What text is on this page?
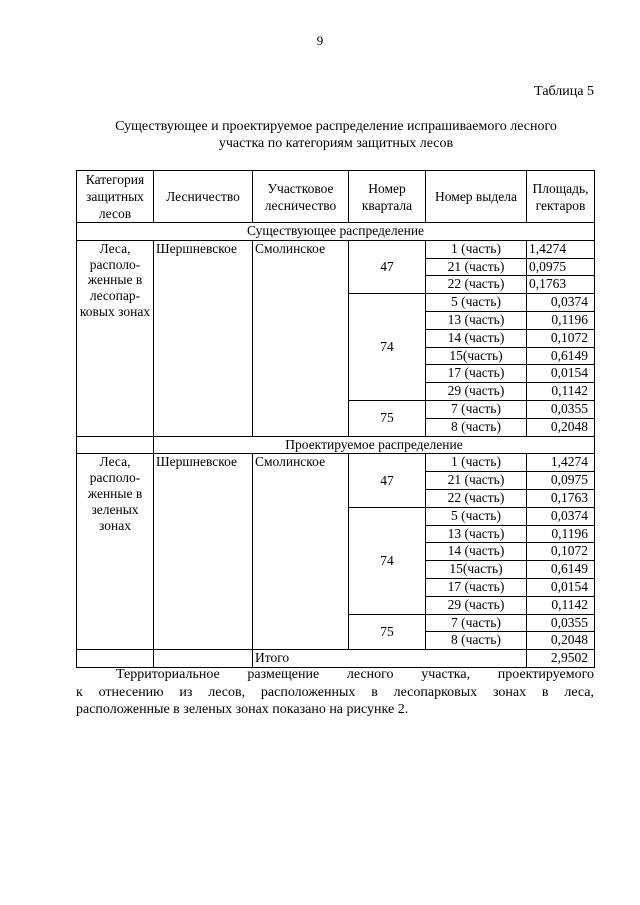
9
Таблица 5
Существующее и проектируемое распределение испрашиваемого лесного
участка по категориям защитных лесов
Категория защитных лесов	Лесничество	Участковое лесничество	Номер квартала	Номер выдела	Площадь, гектаров
Существующее распределение					
Леса, располо-женные в лесопар-ковых зонах	Шершневское	Смолинское	47	1 (часть)	1,4274
				21 (часть)	0,0975
				22 (часть)	0,1763
			74	5 (часть)	0,0374
				13 (часть)	0,1196
				14 (часть)	0,1072
				15(часть)	0,6149
				17 (часть)	0,0154
				29 (часть)	0,1142
			75	7 (часть)	0,0355
				8 (часть)	0,2048
	Проектируемое распределение				
Леса, располо-женные в зеленых зонах	Шершневское	Смолинское	47	1 (часть)	1,4274
				21 (часть)	0,0975
				22 (часть)	0,1763
			74	5 (часть)	0,0374
				13 (часть)	0,1196
				14 (часть)	0,1072
				15(часть)	0,6149
				17 (часть)	0,0154
				29 (часть)	0,1142
			75	7 (часть)	0,0355
				8 (часть)	0,2048
		Итого			2,9502
Территориальное размещение лесного участка, проектируемого
к отнесению из лесов, расположенных в лесопарковых зонах в леса,
расположенные в зеленых зонах показано на рисунке 2.
